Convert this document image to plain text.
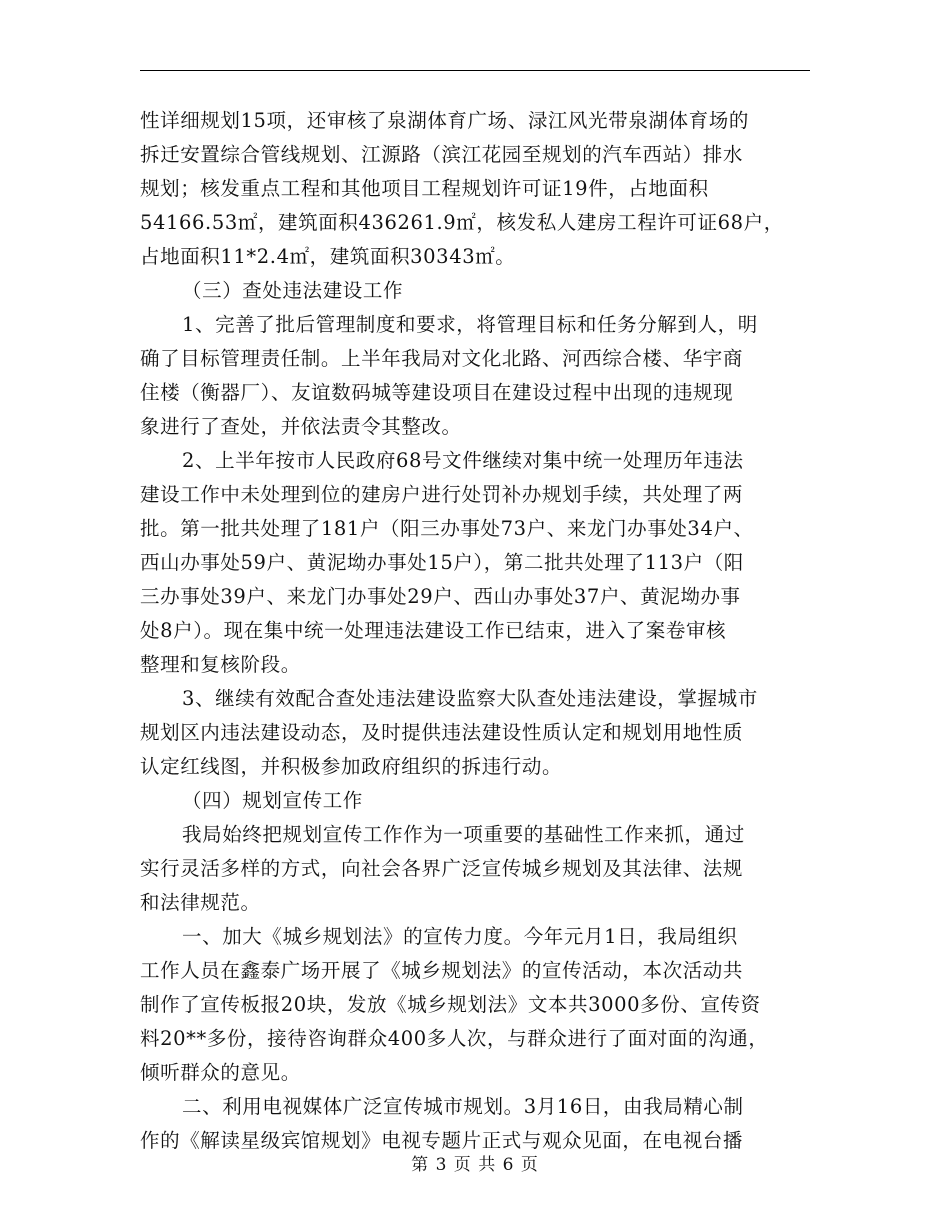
性详细规划15项，还审核了泉湖体育广场、渌江风光带泉湖体育场的
拆迁安置综合管线规划、江源路（滨江花园至规划的汽车西站）排水
规划；核发重点工程和其他项目工程规划许可证19件，占地面积
54166.53㎡，建筑面积436261.9㎡，核发私人建房工程许可证68户，
占地面积11*2.4㎡，建筑面积30343㎡。
（三）查处违法建设工作
1、完善了批后管理制度和要求，将管理目标和任务分解到人，明
确了目标管理责任制。上半年我局对文化北路、河西综合楼、华宇商
住楼（衡器厂）、友谊数码城等建设项目在建设过程中出现的违规现
象进行了查处，并依法责令其整改。
2、上半年按市人民政府68号文件继续对集中统一处理历年违法
建设工作中未处理到位的建房户进行处罚补办规划手续，共处理了两
批。第一批共处理了181户（阳三办事处73户、来龙门办事处34户、
西山办事处59户、黄泥坳办事处15户），第二批共处理了113户（阳
三办事处39户、来龙门办事处29户、西山办事处37户、黄泥坳办事
处8户）。现在集中统一处理违法建设工作已结束，进入了案卷审核
整理和复核阶段。
3、继续有效配合查处违法建设监察大队查处违法建设，掌握城市
规划区内违法建设动态，及时提供违法建设性质认定和规划用地性质
认定红线图，并积极参加政府组织的拆违行动。
（四）规划宣传工作
我局始终把规划宣传工作作为一项重要的基础性工作来抓，通过
实行灵活多样的方式，向社会各界广泛宣传城乡规划及其法律、法规
和法律规范。
一、加大《城乡规划法》的宣传力度。今年元月1日，我局组织
工作人员在鑫泰广场开展了《城乡规划法》的宣传活动，本次活动共
制作了宣传板报20块，发放《城乡规划法》文本共3000多份、宣传资
料20**多份，接待咨询群众400多人次，与群众进行了面对面的沟通，
倾听群众的意见。
二、利用电视媒体广泛宣传城市规划。3月16日，由我局精心制
作的《解读星级宾馆规划》电视专题片正式与观众见面，在电视台播
第 3 页 共 6 页
